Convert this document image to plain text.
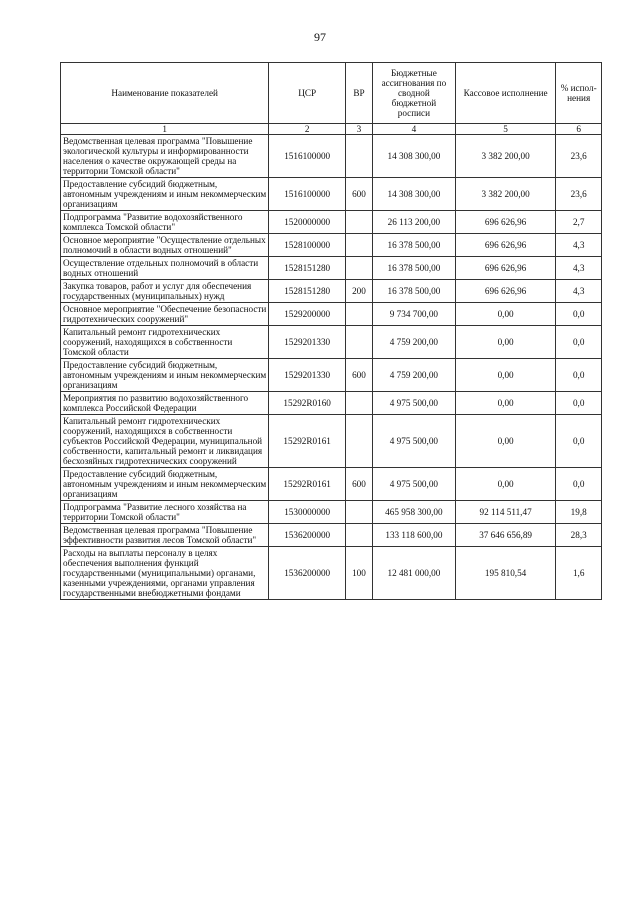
97
Наименование показателей	ЦСР	ВР	Бюджетные ассигнования по сводной бюджетной росписи	Кассовое исполнение	% испол-нения
1	2	3	4	5	6
Ведомственная целевая программа "Повышение экологической культуры и информированности населения о качестве окружающей среды на территории Томской области"	1516100000		14 308 300,00	3 382 200,00	23,6
Предоставление субсидий бюджетным, автономным учреждениям и иным некоммерческим организациям	1516100000	600	14 308 300,00	3 382 200,00	23,6
Подпрограмма "Развитие водохозяйственного комплекса Томской области"	1520000000		26 113 200,00	696 626,96	2,7
Основное мероприятие "Осуществление отдельных полномочий в области водных отношений"	1528100000		16 378 500,00	696 626,96	4,3
Осуществление отдельных полномочий в области водных отношений	1528151280		16 378 500,00	696 626,96	4,3
Закупка товаров, работ и услуг для обеспечения государственных (муниципальных) нужд	1528151280	200	16 378 500,00	696 626,96	4,3
Основное мероприятие "Обеспечение безопасности гидротехнических сооружений"	1529200000		9 734 700,00	0,00	0,0
Капитальный ремонт гидротехнических сооружений, находящихся в собственности Томской области	1529201330		4 759 200,00	0,00	0,0
Предоставление субсидий бюджетным, автономным учреждениям и иным некоммерческим организациям	1529201330	600	4 759 200,00	0,00	0,0
Мероприятия по развитию водохозяйственного комплекса Российской Федерации	15292R0160		4 975 500,00	0,00	0,0
Капитальный ремонт гидротехнических сооружений, находящихся в собственности субъектов Российской Федерации, муниципальной собственности, капитальный ремонт и ликвидация бесхозяйных гидротехнических сооружений	15292R0161		4 975 500,00	0,00	0,0
Предоставление субсидий бюджетным, автономным учреждениям и иным некоммерческим организациям	15292R0161	600	4 975 500,00	0,00	0,0
Подпрограмма "Развитие лесного хозяйства на территории Томской области"	1530000000		465 958 300,00	92 114 511,47	19,8
Ведомственная целевая программа "Повышение эффективности развития лесов Томской области"	1536200000		133 118 600,00	37 646 656,89	28,3
Расходы на выплаты персоналу в целях обеспечения выполнения функций государственными (муниципальными) органами, казенными учреждениями, органами управления государственными внебюджетными фондами	1536200000	100	12 481 000,00	195 810,54	1,6
